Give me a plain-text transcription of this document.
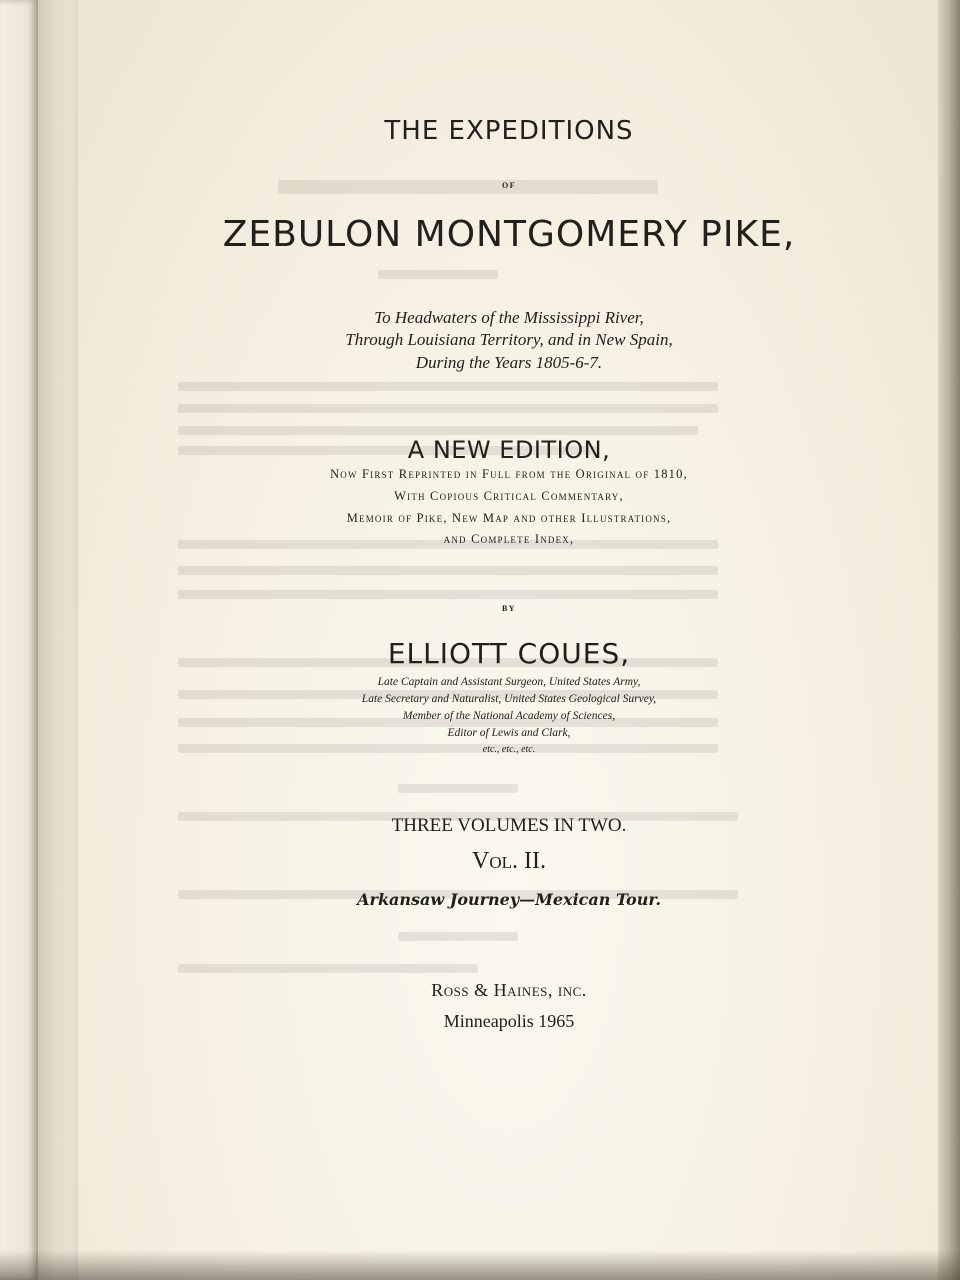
THE EXPEDITIONS
OF
ZEBULON MONTGOMERY PIKE,
To Headwaters of the Mississippi River,
Through Louisiana Territory, and in New Spain,
During the Years 1805-6-7.
A NEW EDITION,
Now First Reprinted in Full from the Original of 1810,
With Copious Critical Commentary,
Memoir of Pike, New Map and other Illustrations,
and Complete Index,
BY
ELLIOTT COUES,
Late Captain and Assistant Surgeon, United States Army,
Late Secretary and Naturalist, United States Geological Survey,
Member of the National Academy of Sciences,
Editor of Lewis and Clark,
etc., etc., etc.
THREE VOLUMES IN TWO.
Vol. II.
Arkansaw Journey—Mexican Tour.
Ross & Haines, inc.
Minneapolis 1965
